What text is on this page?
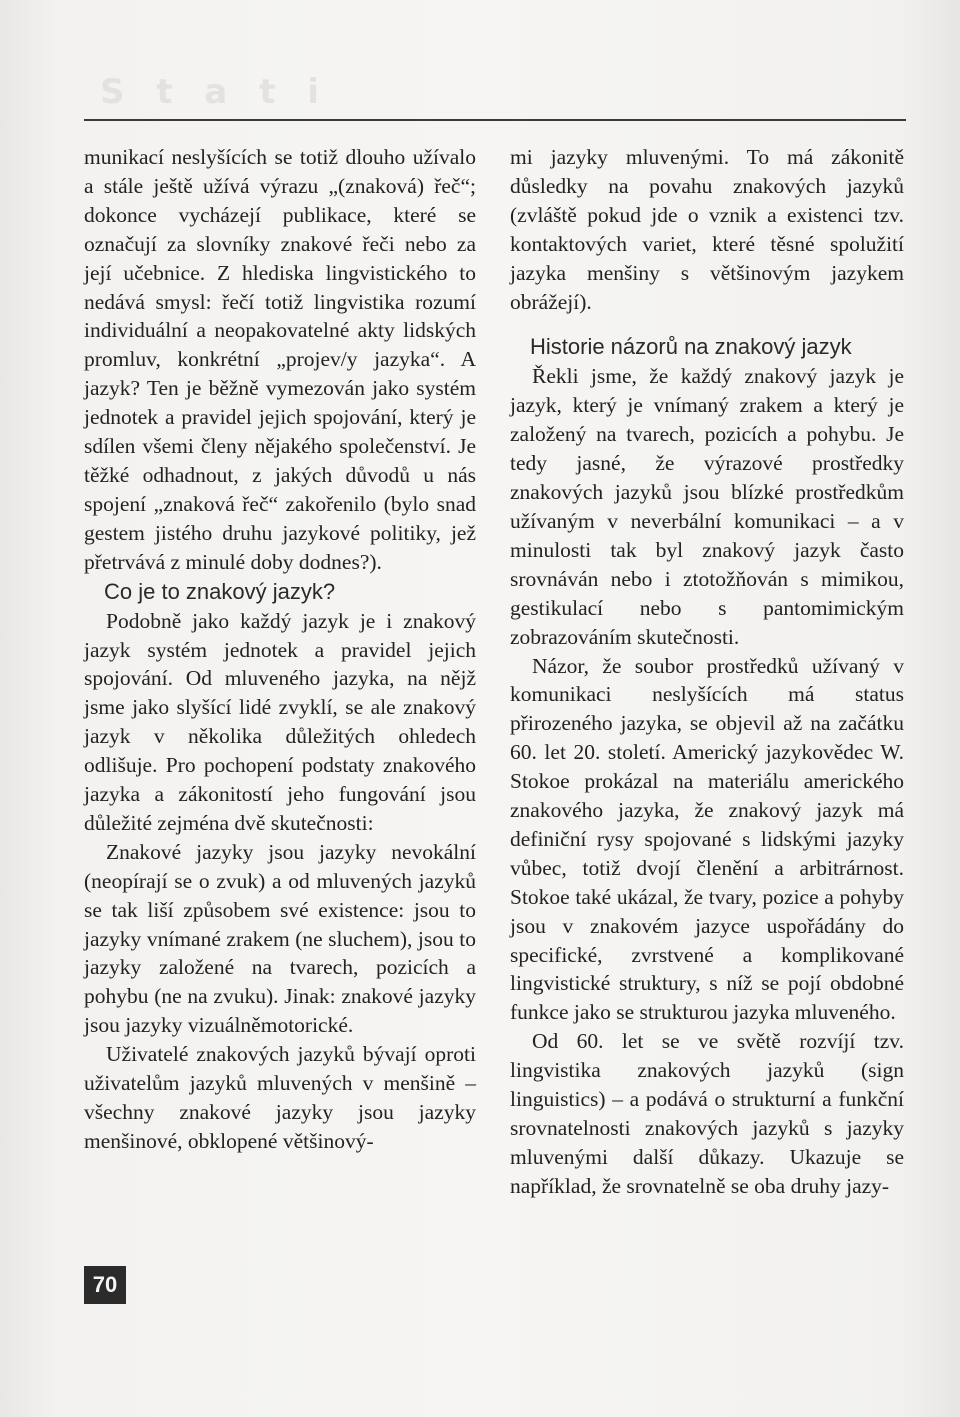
S t a t i

munikací neslyšících se totiž dlouho užívalo a stále ještě užívá výrazu „(znaková) řeč“; dokonce vycházejí publikace, které se označují za slovníky znakové řeči nebo za její učebnice. Z hlediska lingvistického to nedává smysl: řečí totiž lingvistika rozumí individuální a neopakovatelné akty lidských promluv, konkrétní „projev/y jazyka“. A jazyk? Ten je běžně vymezován jako systém jednotek a pravidel jejich spojování, který je sdílen všemi členy nějakého společenství. Je těžké odhadnout, z jakých důvodů u nás spojení „znaková řeč“ zakořenilo (bylo snad gestem jistého druhu jazykové politiky, jež přetrvává z minulé doby dodnes?).

Co je to znakový jazyk?

Podobně jako každý jazyk je i znakový jazyk systém jednotek a pravidel jejich spojování. Od mluveného jazyka, na nějž jsme jako slyšící lidé zvyklí, se ale znakový jazyk v několika důležitých ohledech odlišuje. Pro pochopení podstaty znakového jazyka a zákonitostí jeho fungování jsou důležité zejména dvě skutečnosti:

Znakové jazyky jsou jazyky nevokální (neopírají se o zvuk) a od mluvených jazyků se tak liší způsobem své existence: jsou to jazyky vnímané zrakem (ne sluchem), jsou to jazyky založené na tvarech, pozicích a pohybu (ne na zvuku). Jinak: znakové jazyky jsou jazyky vizuálněmotorické.

Uživatelé znakových jazyků bývají oproti uživatelům jazyků mluvených v menšině – všechny znakové jazyky jsou jazyky menšinové, obklopené většinový-

mi jazyky mluvenými. To má zákonitě důsledky na povahu znakových jazyků (zvláště pokud jde o vznik a existenci tzv. kontaktových variet, které těsné spolužití jazyka menšiny s většinovým jazykem obrážejí).

Historie názorů na znakový jazyk

Řekli jsme, že každý znakový jazyk je jazyk, který je vnímaný zrakem a který je založený na tvarech, pozicích a pohybu. Je tedy jasné, že výrazové prostředky znakových jazyků jsou blízké prostředkům užívaným v neverbální komunikaci – a v minulosti tak byl znakový jazyk často srovnáván nebo i ztotožňován s mimikou, gestikulací nebo s pantomimickým zobrazováním skutečnosti.

Názor, že soubor prostředků užívaný v komunikaci neslyšících má status přirozeného jazyka, se objevil až na začátku 60. let 20. století. Americký jazykovědec W. Stokoe prokázal na materiálu amerického znakového jazyka, že znakový jazyk má definiční rysy spojované s lidskými jazyky vůbec, totiž dvojí členění a arbitrárnost. Stokoe také ukázal, že tvary, pozice a pohyby jsou v znakovém jazyce uspořádány do specifické, zvrstvené a komplikované lingvistické struktury, s níž se pojí obdobné funkce jako se strukturou jazyka mluveného.

Od 60. let se ve světě rozvíjí tzv. lingvistika znakových jazyků (sign linguistics) – a podává o strukturní a funkční srovnatelnosti znakových jazyků s jazyky mluvenými další důkazy. Ukazuje se například, že srovnatelně se oba druhy jazy-

70
